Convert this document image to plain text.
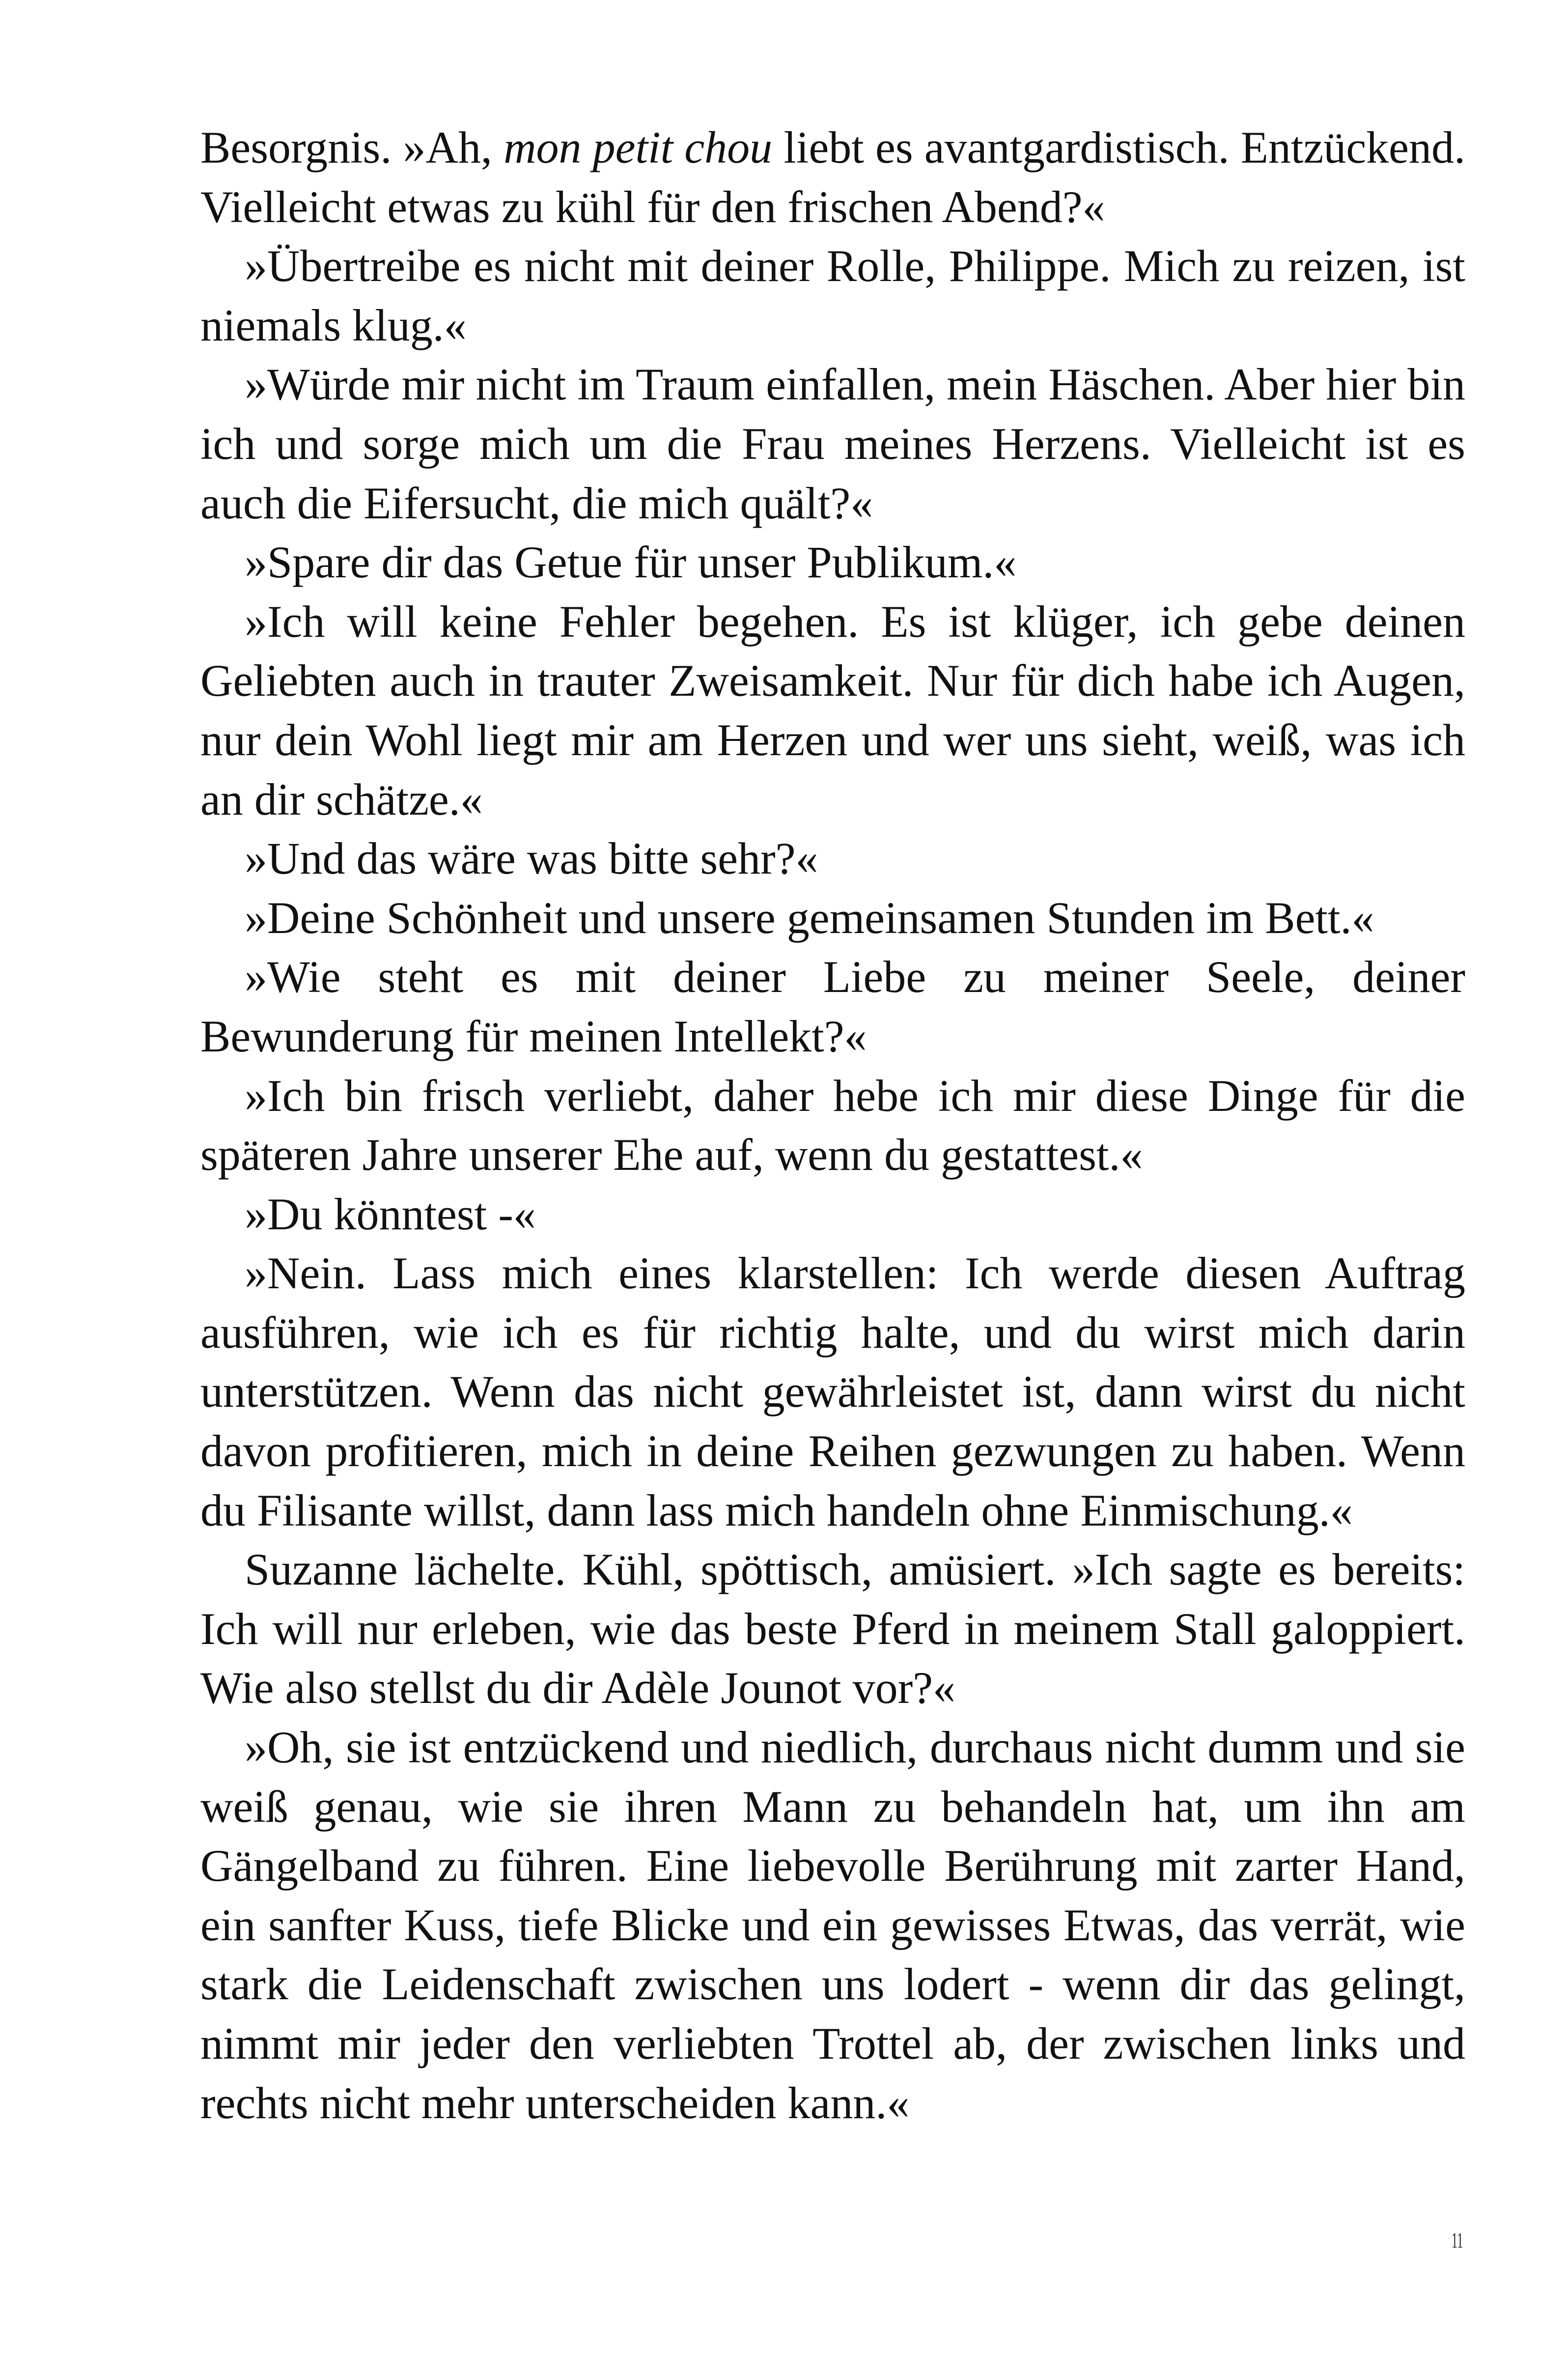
Besorgnis. »Ah, mon petit chou liebt es avantgardistisch. Entzückend. Vielleicht etwas zu kühl für den frischen Abend?«

»Übertreibe es nicht mit deiner Rolle, Philippe. Mich zu reizen, ist niemals klug.«

»Würde mir nicht im Traum einfallen, mein Häschen. Aber hier bin ich und sorge mich um die Frau meines Herzens. Vielleicht ist es auch die Eifersucht, die mich quält?«

»Spare dir das Getue für unser Publikum.«

»Ich will keine Fehler begehen. Es ist klüger, ich gebe deinen Geliebten auch in trauter Zweisamkeit. Nur für dich habe ich Augen, nur dein Wohl liegt mir am Herzen und wer uns sieht, weiß, was ich an dir schätze.«

»Und das wäre was bitte sehr?«

»Deine Schönheit und unsere gemeinsamen Stunden im Bett.«

»Wie steht es mit deiner Liebe zu meiner Seele, deiner Bewunderung für meinen Intellekt?«

»Ich bin frisch verliebt, daher hebe ich mir diese Dinge für die späteren Jahre unserer Ehe auf, wenn du gestattest.«

»Du könntest -«

»Nein. Lass mich eines klarstellen: Ich werde diesen Auftrag ausführen, wie ich es für richtig halte, und du wirst mich darin unterstützen. Wenn das nicht gewährleistet ist, dann wirst du nicht davon profitieren, mich in deine Reihen gezwungen zu haben. Wenn du Filisante willst, dann lass mich handeln ohne Einmischung.«

Suzanne lächelte. Kühl, spöttisch, amüsiert. »Ich sagte es bereits: Ich will nur erleben, wie das beste Pferd in meinem Stall galoppiert. Wie also stellst du dir Adèle Jounot vor?«

»Oh, sie ist entzückend und niedlich, durchaus nicht dumm und sie weiß genau, wie sie ihren Mann zu behandeln hat, um ihn am Gängelband zu führen. Eine liebevolle Berührung mit zarter Hand, ein sanfter Kuss, tiefe Blicke und ein gewisses Etwas, das verrät, wie stark die Leidenschaft zwischen uns lodert - wenn dir das gelingt, nimmt mir jeder den verliebten Trottel ab, der zwischen links und rechts nicht mehr unterscheiden kann.«

11
